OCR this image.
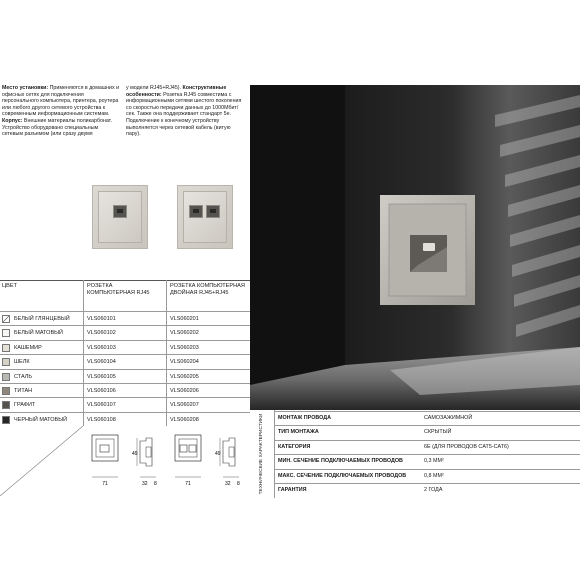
Место установки: Применяются в домашних и офисных сетях для подключения персонального компьютера, принтера, роутера или любого другого сетевого устройства к современным информационным системам. Корпус: Внешние материалы поликарбонат. Устройство оборудовано специальным сетевым разъемом (или сразу двумя

у модели RJ45+RJ45). Конструктивные особенности: Розетка RJ45 совместима с информационными сетями шестого поколения со скоростью передачи данных до 1000Мбит/сек. Также она поддерживает стандарт 5е. Подключение к конечному устройству выполняется через сетевой кабель (витую пару).

ЦВЕТ	РОЗЕТКА КОМПЬЮТЕРНАЯ RJ45
РОЗЕТКА КОМПЬЮТЕРНАЯ ДВОЙНАЯ RJ45+RJ45
БЕЛЫЙ ГЛЯНЦЕВЫЙ	VLS060101	VLS060201
БЕЛЫЙ МАТОВЫЙ	VLS060102	VLS060202
КАШЕМИР	VLS060103	VLS060203
ШЕЛК	VLS060104	VLS060204
СТАЛЬ	VLS060105	VLS060205
ТИТАН	VLS060106	VLS060206
ГРАФИТ	VLS060107	VLS060207
ЧЕРНЫЙ МАТОВЫЙ	VLS060108	VLS060208
71
49
32 8	71
49
32 8	ТЕХНИЧЕСКИЕ ХАРАКТЕРИСТИКИ	МОНТАЖ ПРОВОДА	САМОЗАЖИМНОЙ
ТИП МОНТАЖА	СКРЫТЫЙ
КАТЕГОРИЯ	6Е (ДЛЯ ПРОВОДОВ CAT5-CAT6)
МИН. СЕЧЕНИЕ ПОДКЛЮЧАЕМЫХ ПРОВОДОВ	0,3 ММ²
МАКС. СЕЧЕНИЕ ПОДКЛЮЧАЕМЫХ ПРОВОДОВ	0,8 ММ²
ГАРАНТИЯ	2 ГОДА
